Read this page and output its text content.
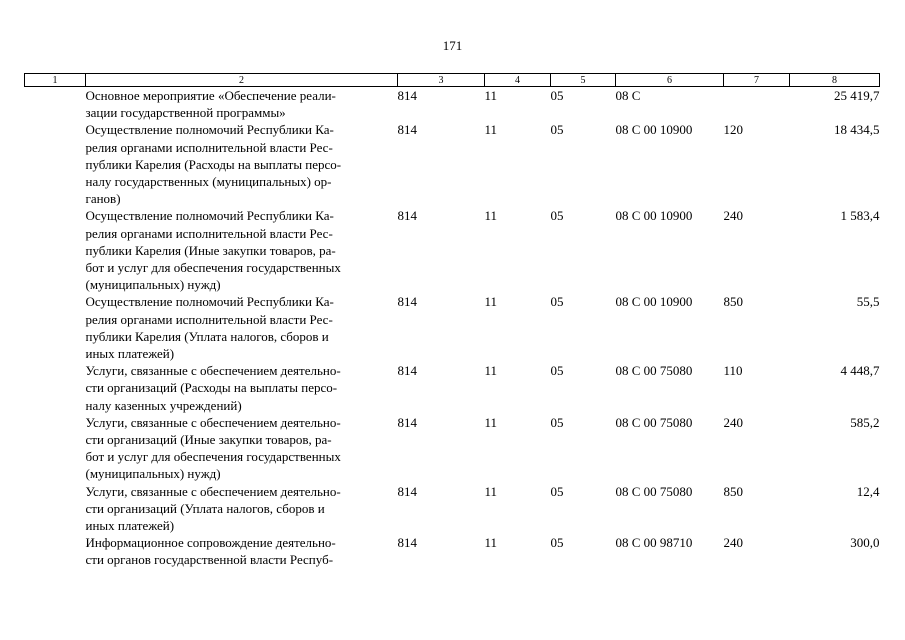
171
1	2	3	4	5	6	7	8

	Основное мероприятие «Обеспечение реали-
зации государственной программы»	814	11	05	08 С		25 419,7

	Осуществление полномочий Республики Ка-
релия органами исполнительной власти Рес-
публики Карелия (Расходы на выплаты персо-
налу государственных (муниципальных) ор-
ганов)	814	11	05	08 С 00 10900	120	18 434,5

	Осуществление полномочий Республики Ка-
релия органами исполнительной власти Рес-
публики Карелия (Иные закупки товаров, ра-
бот и услуг для обеспечения государственных
(муниципальных) нужд)	814	11	05	08 С 00 10900	240	1 583,4

	Осуществление полномочий Республики Ка-
релия органами исполнительной власти Рес-
публики Карелия (Уплата налогов, сборов и
иных платежей)	814	11	05	08 С 00 10900	850	55,5

	Услуги, связанные с обеспечением деятельно-
сти организаций (Расходы на выплаты персо-
налу казенных учреждений)	814	11	05	08 С 00 75080	110	4 448,7

	Услуги, связанные с обеспечением деятельно-
сти организаций (Иные закупки товаров, ра-
бот и услуг для обеспечения государственных
(муниципальных) нужд)	814	11	05	08 С 00 75080	240	585,2

	Услуги, связанные с обеспечением деятельно-
сти организаций (Уплата налогов, сборов и
иных платежей)	814	11	05	08 С 00 75080	850	12,4

	Информационное сопровождение деятельно-
сти органов государственной власти Респуб-	814	11	05	08 С 00 98710	240	300,0
